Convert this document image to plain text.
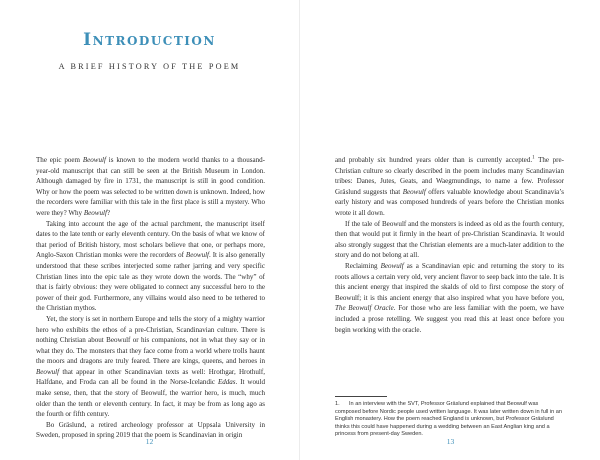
Introduction
A BRIEF HISTORY OF THE POEM

The epic poem Beowulf is known to the modern world thanks to a thousand-year-old manuscript that can still be seen at the British Museum in London. Although damaged by fire in 1731, the manuscript is still in good condition. Why or how the poem was selected to be written down is unknown. Indeed, how the recorders were familiar with this tale in the first place is still a mystery. Who were they? Why Beowulf?

Taking into account the age of the actual parchment, the manuscript itself dates to the late tenth or early eleventh century. On the basis of what we know of that period of British history, most scholars believe that one, or perhaps more, Anglo-Saxon Christian monks were the recorders of Beowulf. It is also generally understood that these scribes interjected some rather jarring and very specific Christian lines into the epic tale as they wrote down the words. The “why” of that is fairly obvious: they were obligated to connect any successful hero to the power of their god. Furthermore, any villains would also need to be tethered to the Christian mythos.

Yet, the story is set in northern Europe and tells the story of a mighty warrior hero who exhibits the ethos of a pre-Christian, Scandinavian culture. There is nothing Christian about Beowulf or his companions, not in what they say or in what they do. The monsters that they face come from a world where trolls haunt the moors and dragons are truly feared. There are kings, queens, and heroes in Beowulf that appear in other Scandinavian texts as well: Hrothgar, Hrothulf, Halfdane, and Froda can all be found in the Norse-Icelandic Eddas. It would make sense, then, that the story of Beowulf, the warrior hero, is much, much older than the tenth or eleventh century. In fact, it may be from as long ago as the fourth or fifth century.

Bo Gräslund, a retired archeology professor at Uppsala University in Sweden, proposed in spring 2019 that the poem is Scandinavian in origin

12

and probably six hundred years older than is currently accepted.$^1$ The pre-Christian culture so clearly described in the poem includes many Scandinavian tribes: Danes, Jutes, Geats, and Waegmundings, to name a few. Professor Gräslund suggests that Beowulf offers valuable knowledge about Scandinavia’s early history and was composed hundreds of years before the Christian monks wrote it all down.

If the tale of Beowulf and the monsters is indeed as old as the fourth century, then that would put it firmly in the heart of pre-Christian Scandinavia. It would also strongly suggest that the Christian elements are a much-later addition to the story and do not belong at all.

Reclaiming Beowulf as a Scandinavian epic and returning the story to its roots allows a certain very old, very ancient flavor to seep back into the tale. It is this ancient energy that inspired the skalds of old to first compose the story of Beowulf; it is this ancient energy that also inspired what you have before you, The Beowulf Oracle. For those who are less familiar with the poem, we have included a prose retelling. We suggest you read this at least once before you begin working with the oracle.

1. In an interview with the SVT, Professor Gräslund explained that Beowulf was composed before Nordic people used written language. It was later written down in full in an English monastery. How the poem reached England is unknown, but Professor Gräslund thinks this could have happened during a wedding between an East Anglian king and a princess from present-day Sweden.
13
